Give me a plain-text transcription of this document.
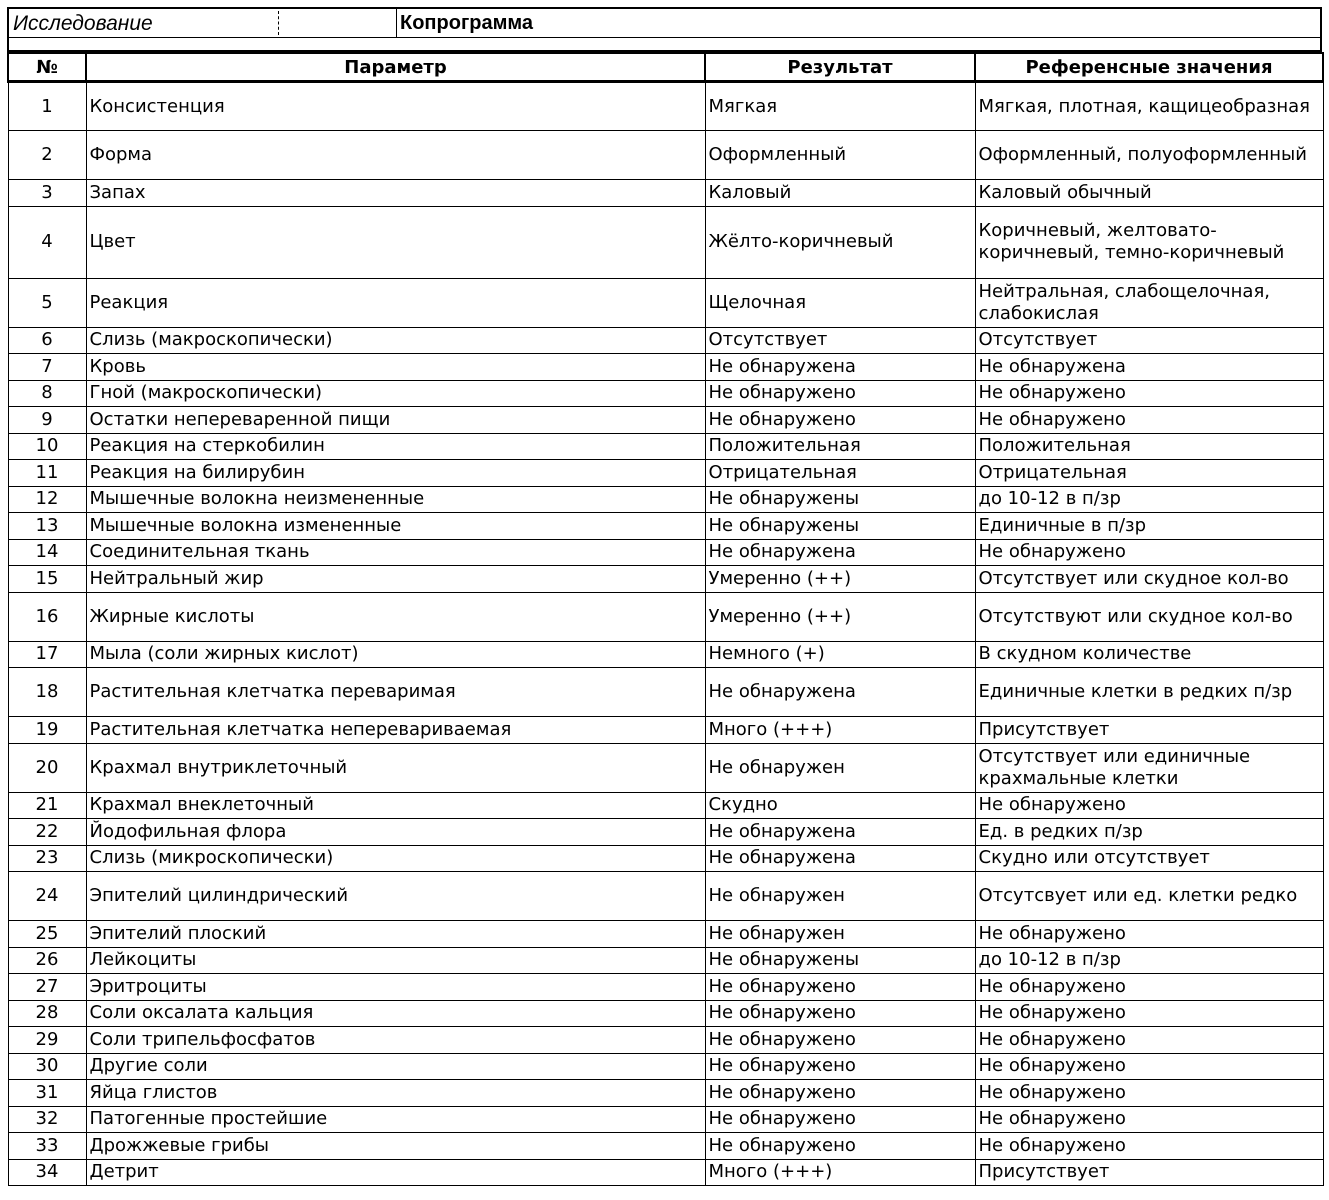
Исследование	Копрограмма
№	Параметр	Результат	Референсные значения
1	Консистенция	Мягкая	Мягкая, плотная, кащицеобразная
2	Форма	Оформленный	Оформленный, полуоформленный
3	Запах	Каловый	Каловый обычный
4	Цвет	Жёлто-коричневый	Коричневый, желтовато-коричневый, темно-коричневый
5	Реакция	Щелочная	Нейтральная, слабощелочная, слабокислая
6	Слизь (макроскопически)	Отсутствует	Отсутствует
7	Кровь	Не обнаружена	Не обнаружена
8	Гной (макроскопически)	Не обнаружено	Не обнаружено
9	Остатки непереваренной пищи	Не обнаружено	Не обнаружено
10	Реакция на стеркобилин	Положительная	Положительная
11	Реакция на билирубин	Отрицательная	Отрицательная
12	Мышечные волокна неизмененные	Не обнаружены	до 10-12 в п/зр
13	Мышечные волокна измененные	Не обнаружены	Единичные в п/зр
14	Соединительная ткань	Не обнаружена	Не обнаружено
15	Нейтральный жир	Умеренно (++)	Отсутствует или скудное кол-во
16	Жирные кислоты	Умеренно (++)	Отсутствуют или скудное кол-во
17	Мыла (соли жирных кислот)	Немного (+)	В скудном количестве
18	Растительная клетчатка переваримая	Не обнаружена	Единичные клетки в редких п/зр
19	Растительная клетчатка неперевариваемая	Много (+++)	Присутствует
20	Крахмал внутриклеточный	Не обнаружен	Отсутствует или единичные крахмальные клетки
21	Крахмал внеклеточный	Скудно	Не обнаружено
22	Йодофильная флора	Не обнаружена	Ед. в редких п/зр
23	Слизь (микроскопически)	Не обнаружена	Скудно или отсутствует
24	Эпителий цилиндрический	Не обнаружен	Отсутсвует или ед. клетки редко
25	Эпителий плоский	Не обнаружен	Не обнаружено
26	Лейкоциты	Не обнаружены	до 10-12 в п/зр
27	Эритроциты	Не обнаружено	Не обнаружено
28	Соли оксалата кальция	Не обнаружено	Не обнаружено
29	Соли трипельфосфатов	Не обнаружено	Не обнаружено
30	Другие соли	Не обнаружено	Не обнаружено
31	Яйца глистов	Не обнаружено	Не обнаружено
32	Патогенные простейшие	Не обнаружено	Не обнаружено
33	Дрожжевые грибы	Не обнаружено	Не обнаружено
34	Детрит	Много (+++)	Присутствует
